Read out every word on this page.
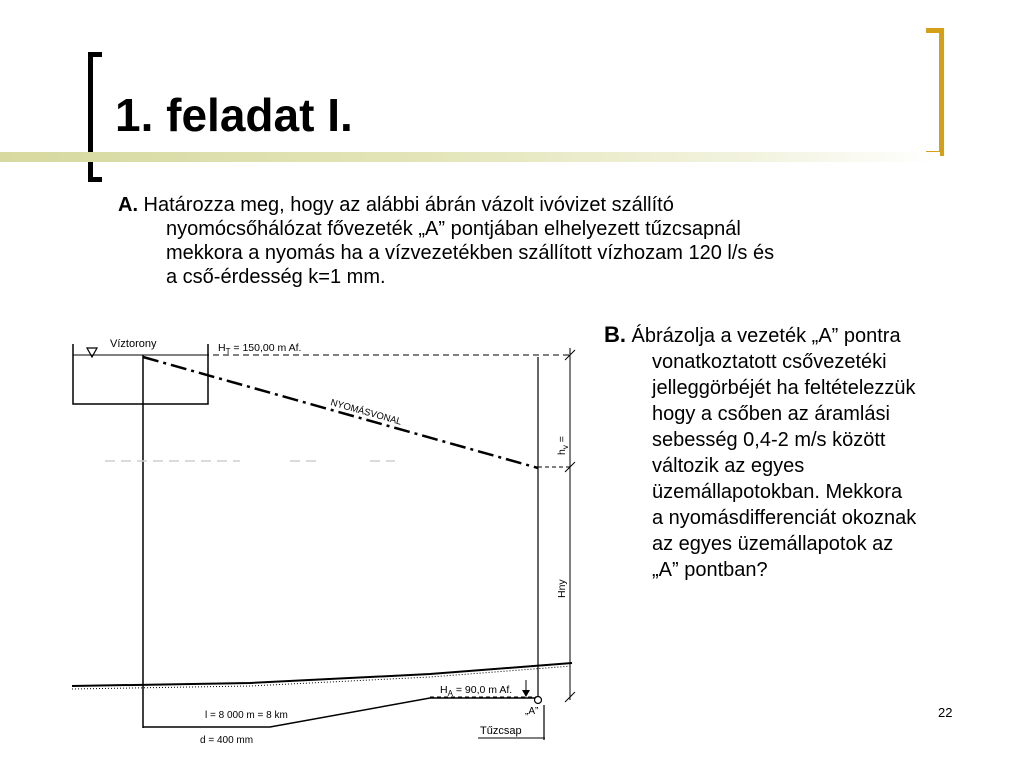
1. feladat I.
A. Határozza meg, hogy az alábbi ábrán vázolt ivóvizet szállító
nyomócsőhálózat fővezeték „A” pontjában elhelyezett tűzcsapnál
mekkora a nyomás ha a vízvezetékben szállított vízhozam 120 l/s és
a cső-érdesség k=1 mm.
B. Ábrázolja a vezeték „A” pontra
vonatkoztatott csővezetéki
jelleggörbéjét ha feltételezzük
hogy a csőben az áramlási
sebesség 0,4-2 m/s között
változik az egyes
üzemállapotokban. Mekkora
a nyomásdifferenciát okoznak
az egyes üzemállapotok az
„A” pontban?
Víztorony	$H_T = 150,00$ m Af.
NYOMÁSVONAL
$h_v$ =
Hny
$H_A = 90,0$ m Af.
„A”
l = 8 000 m = 8 km
d = 400 mm
Tűzcsap
22
